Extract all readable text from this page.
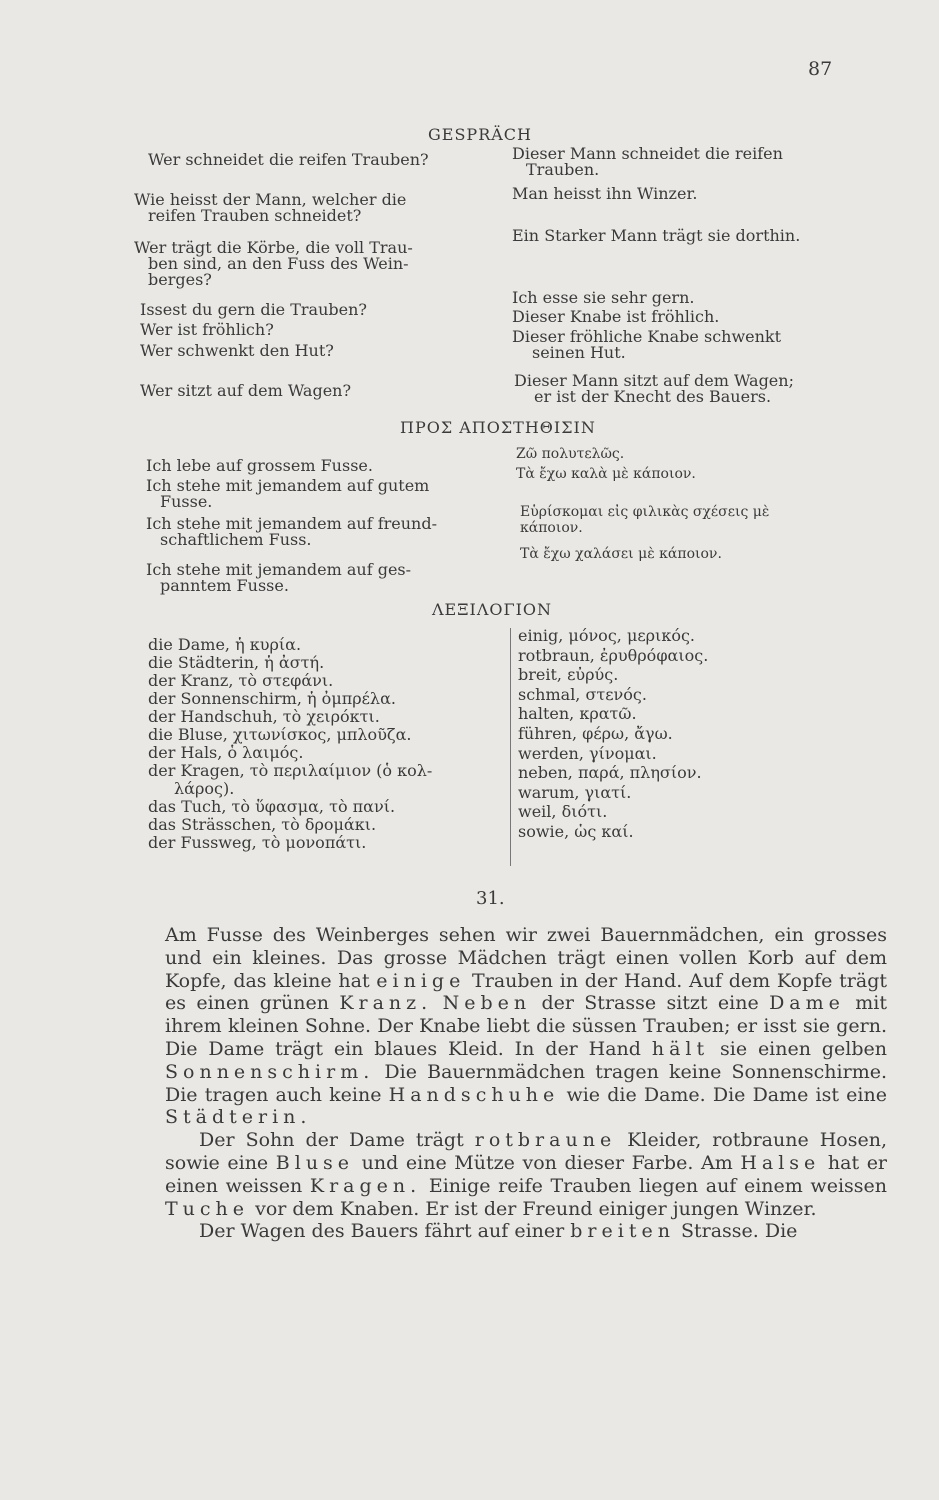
87
GESPRÄCH
Wer schneidet die reifen Trauben?
Wie heisst der Mann, welcher die
reifen Trauben schneidet?
Wer trägt die Körbe, die voll Trau-
ben sind, an den Fuss des Wein-
berges?
Issest du gern die Trauben?
Wer ist fröhlich?
Wer schwenkt den Hut?
Wer sitzt auf dem Wagen?
Dieser Mann schneidet die reifen
Trauben.
Man heisst ihn Winzer.
Ein Starker Mann trägt sie dorthin.
Ich esse sie sehr gern.
Dieser Knabe ist fröhlich.
Dieser fröhliche Knabe schwenkt
seinen Hut.
Dieser Mann sitzt auf dem Wagen;
er ist der Knecht des Bauers.
ΠΡΟΣ ΑΠΟΣΤΗΘΙΣΙΝ
Ich lebe auf grossem Fusse.
Ich stehe mit jemandem auf gutem
Fusse.
Ich stehe mit jemandem auf freund-
schaftlichem Fuss.
Ich stehe mit jemandem auf ges-
panntem Fusse.
Ζῶ πολυτελῶς.
Τὰ ἔχω καλὰ μὲ κάποιον.
Εὑρίσκομαι εἰς φιλικὰς σχέσεις μὲ
κάποιον.
Τὰ ἔχω χαλάσει μὲ κάποιον.
ΛΕΞΙΛΟΓΙΟΝ
die Dame, ἡ κυρία.
die Städterin, ἡ ἀστή.
der Kranz, τὸ στεφάνι.
der Sonnenschirm, ἡ ὀμπρέλα.
der Handschuh, τὸ χειρόκτι.
die Bluse, χιτωνίσκος, μπλοῦζα.
der Hals, ὁ λαιμός.
der Kragen, τὸ περιλαίμιον (ὁ κολ-
λάρος).
das Tuch, τὸ ὕφασμα, τὸ πανί.
das Strässchen, τὸ δρομάκι.
der Fussweg, τὸ μονοπάτι.
einig, μόνος, μερικός.
rotbraun, ἐρυθρόφαιος.
breit, εὐρύς.
schmal, στενός.
halten, κρατῶ.
führen, φέρω, ἄγω.
werden, γίνομαι.
neben, παρά, πλησίον.
warum, γιατί.
weil, διότι.
sowie, ὡς καί.
31.

Am Fusse des Weinberges sehen wir zwei Bauernmädchen, ein grosses und ein kleines. Das grosse Mädchen trägt einen vollen Korb auf dem Kopfe, das kleine hat einige Trauben in der Hand. Auf dem Kopfe trägt es einen grünen Kranz. Neben der Strasse sitzt eine Dame mit ihrem kleinen Sohne. Der Knabe liebt die süssen Trauben; er isst sie gern. Die Dame trägt ein blaues Kleid. In der Hand hält sie einen gelben Sonnenschirm. Die Bauernmädchen tragen keine Sonnenschirme. Die tragen auch keine Handschuhe wie die Dame. Die Dame ist eine Städterin.

Der Sohn der Dame trägt rotbraune Kleider, rotbraune Hosen, sowie eine Bluse und eine Mütze von dieser Farbe. Am Halse hat er einen weissen Kragen. Einige reife Trauben liegen auf einem weissen Tuche vor dem Knaben. Er ist der Freund einiger jungen Winzer.

Der Wagen des Bauers fährt auf einer breiten Strasse. Die
